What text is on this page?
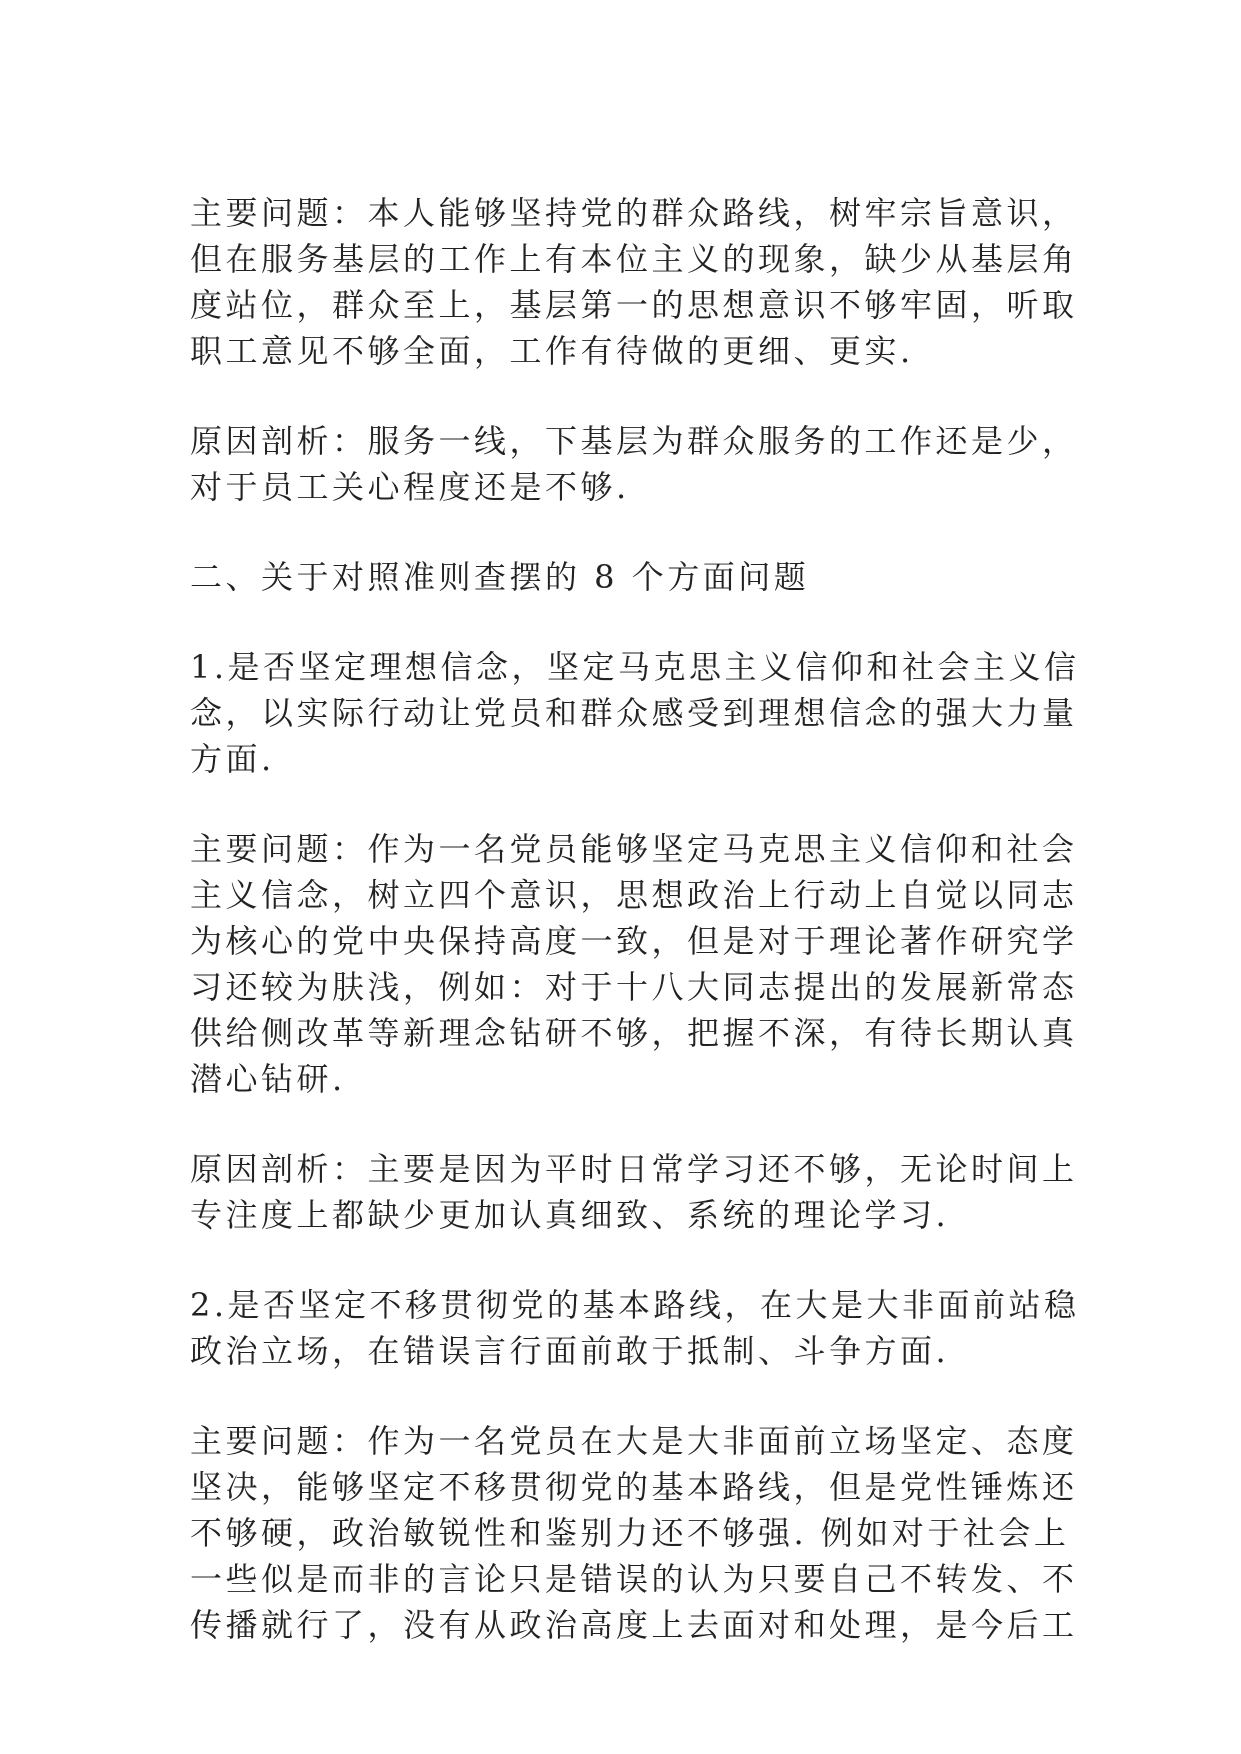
主要问题：本人能够坚持党的群众路线，树牢宗旨意识，
但在服务基层的工作上有本位主义的现象，缺少从基层角
度站位，群众至上，基层第一的思想意识不够牢固，听取
职工意见不够全面，工作有待做的更细、更实.

原因剖析：服务一线，下基层为群众服务的工作还是少，
对于员工关心程度还是不够.

二、关于对照准则查摆的 8 个方面问题

1.是否坚定理想信念，坚定马克思主义信仰和社会主义信
念，以实际行动让党员和群众感受到理想信念的强大力量
方面.

主要问题：作为一名党员能够坚定马克思主义信仰和社会
主义信念，树立四个意识，思想政治上行动上自觉以同志
为核心的党中央保持高度一致，但是对于理论著作研究学
习还较为肤浅，例如：对于十八大同志提出的发展新常态
供给侧改革等新理念钻研不够，把握不深，有待长期认真
潜心钻研.

原因剖析：主要是因为平时日常学习还不够，无论时间上
专注度上都缺少更加认真细致、系统的理论学习.

2.是否坚定不移贯彻党的基本路线，在大是大非面前站稳
政治立场，在错误言行面前敢于抵制、斗争方面.

主要问题：作为一名党员在大是大非面前立场坚定、态度
坚决，能够坚定不移贯彻党的基本路线，但是党性锤炼还
不够硬，政治敏锐性和鉴别力还不够强. 例如对于社会上
一些似是而非的言论只是错误的认为只要自己不转发、不
传播就行了，没有从政治高度上去面对和处理，是今后工
